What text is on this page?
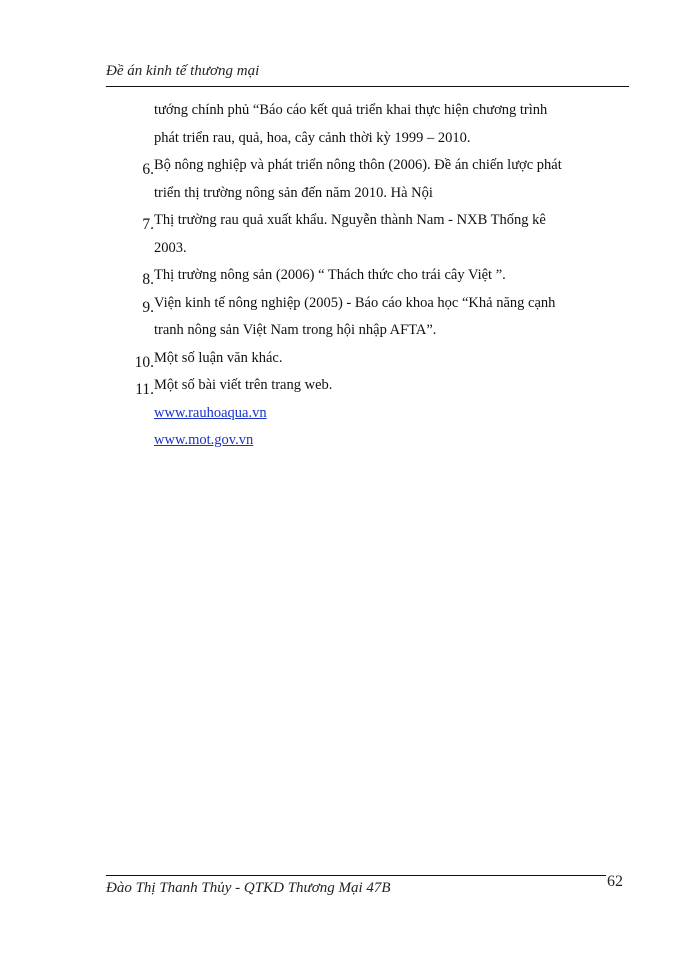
Đề án kinh tế thương mại
tướng chính phủ “Báo cáo kết quả triển khai thực hiện chương trình
phát triển rau, quả, hoa, cây cảnh thời kỳ 1999 – 2010.
6. Bộ nông nghiệp và phát triển nông thôn (2006). Đề án chiến lược phát
triển thị trường nông sản đến năm 2010. Hà Nội
7. Thị trường rau quả xuất khẩu. Nguyễn thành Nam - NXB Thống kê
2003.
8. Thị trường nông sản (2006) “ Thách thức cho trái cây Việt ”.
9. Viện kinh tế nông nghiệp (2005) - Báo cáo khoa học “Khả năng cạnh
tranh nông sản Việt Nam trong hội nhập AFTA”.
10. Một số luận văn khác.
11. Một số bài viết trên trang web.
www.rauhoaqua.vn
www.mot.gov.vn
Đào Thị Thanh Thủy - QTKD Thương Mại 47B	62
